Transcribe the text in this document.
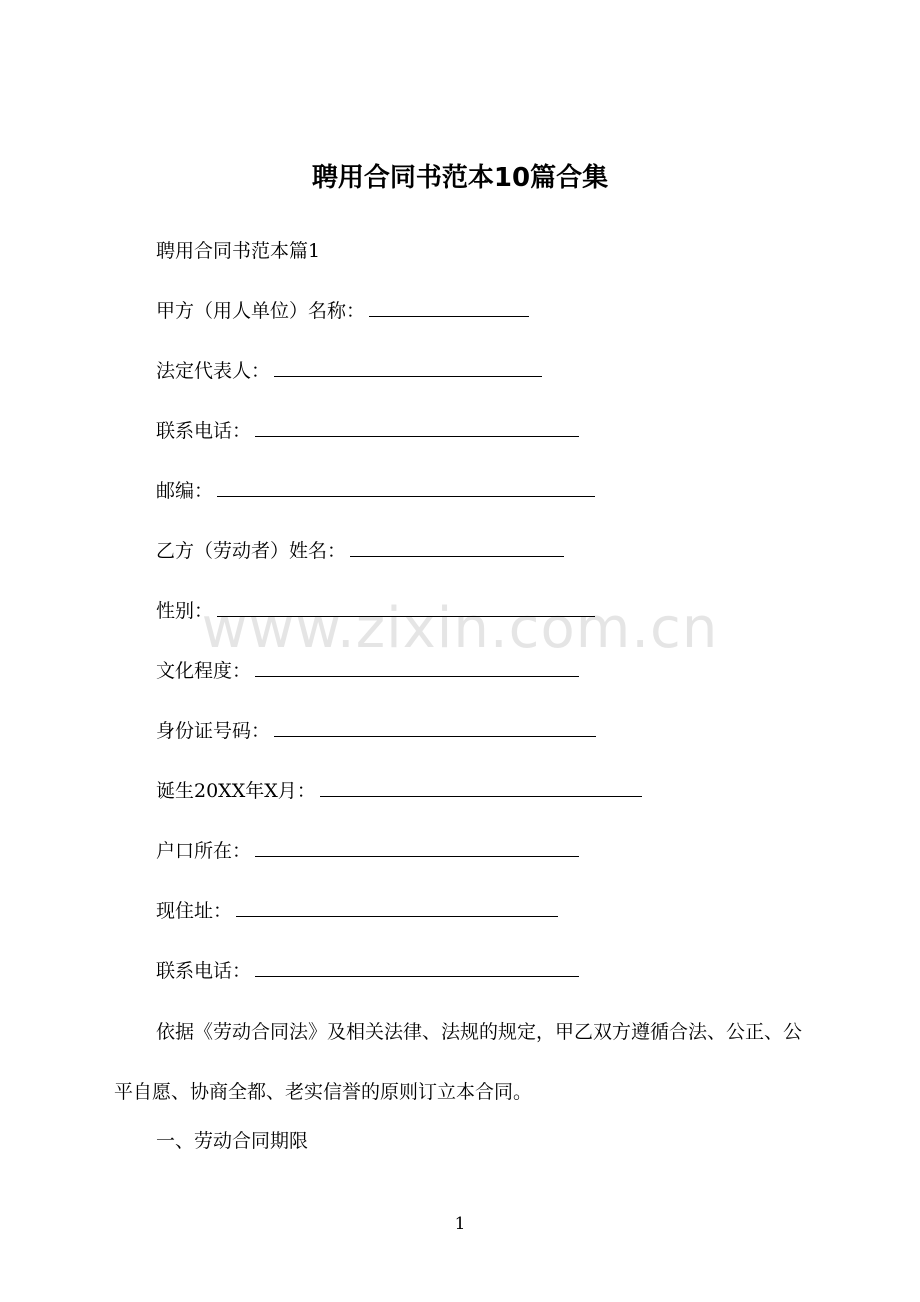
聘用合同书范本10篇合集
聘用合同书范本篇1
甲方（用人单位）名称：
法定代表人：
联系电话：
邮编：
乙方（劳动者）姓名：
性别：
文化程度：
身份证号码：
诞生20XX年X月：
户口所在：
现住址：
联系电话：
依据《劳动合同法》及相关法律、法规的规定，甲乙双方遵循合法、公正、公平自愿、协商全都、老实信誉的原则订立本合同。
一、劳动合同期限
www.zixin.com.cn
1
